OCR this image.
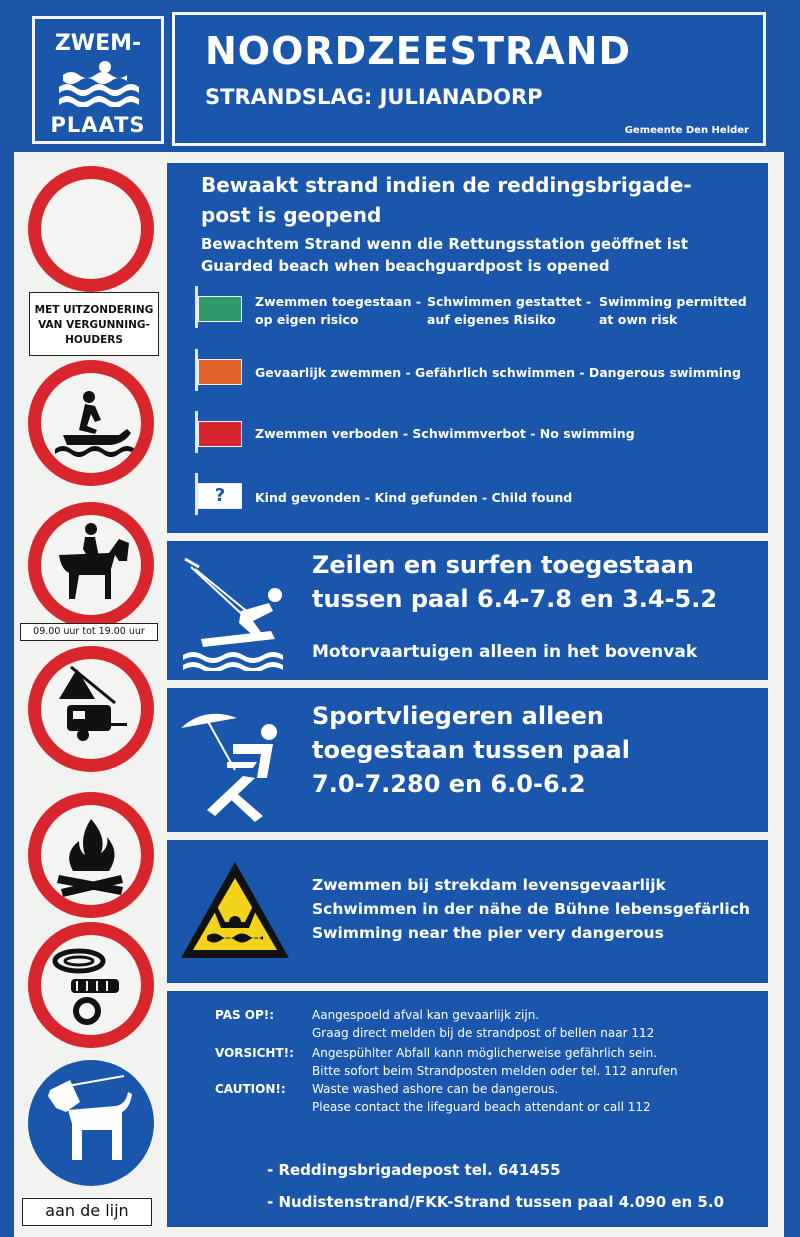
ZWEM-
PLAATS
NOORDZEESTRAND
STRANDSLAG: JULIANADORP
Gemeente Den Helder
MET UITZONDERING
VAN VERGUNNING-
HOUDERS
09.00 uur tot 19.00 uur
aan de lijn
Bewaakt strand indien de reddingsbrigade-
post is geopend
Bewachtem Strand wenn die Rettungsstation geöffnet ist
Guarded beach when beachguardpost is opened
Zwemmen toegestaan -
op eigen risico
Schwimmen gestattet -
auf eigenes Risiko
Swimming permitted
at own risk
Gevaarlijk zwemmen - Gefährlich schwimmen - Dangerous swimming
Zwemmen verboden - Schwimmverbot - No swimming
?	Kind gevonden - Kind gefunden - Child found
Zeilen en surfen toegestaan
tussen paal 6.4-7.8 en 3.4-5.2
Motorvaartuigen alleen in het bovenvak
Sportvliegeren alleen
toegestaan tussen paal
7.0-7.280 en 6.0-6.2
Zwemmen bij strekdam levensgevaarlijk
Schwimmen in der nähe de Bühne lebensgefärlich
Swimming near the pier very dangerous
PAS OP!:	Aangespoeld afval kan gevaarlijk zijn.
Graag direct melden bij de strandpost of bellen naar 112
VORSICHT!: Angespühlter Abfall kann möglicherweise gefährlich sein.
Bitte sofort beim Strandposten melden oder tel. 112 anrufen
CAUTION!: Waste washed ashore can be dangerous.
Please contact the lifeguard beach attendant or call 112
- Reddingsbrigadepost tel. 641455
- Nudistenstrand/FKK-Strand tussen paal 4.090 en 5.0
